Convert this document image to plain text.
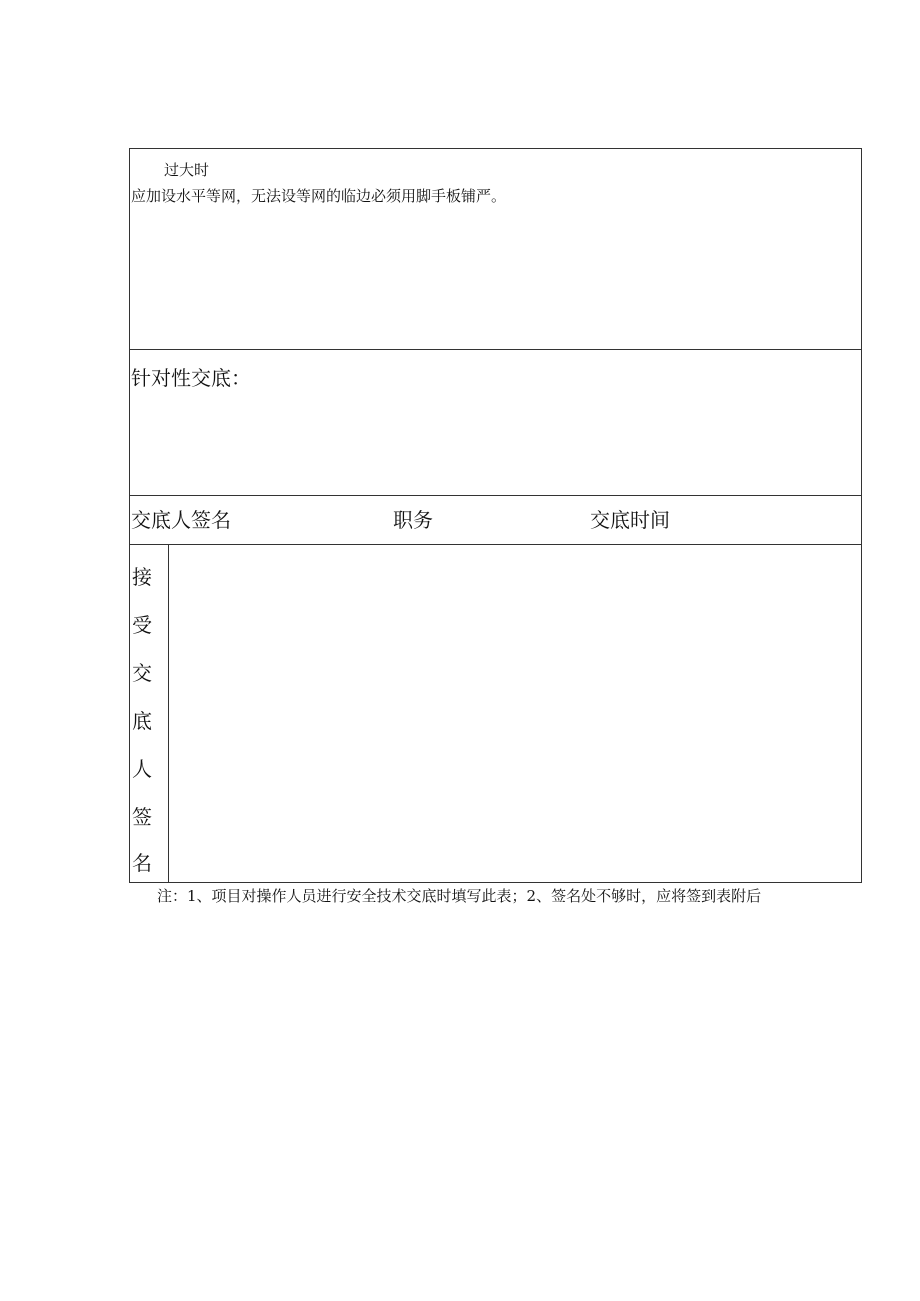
过大时
应加设水平等网，无法设等网的临边必须用脚手板铺严。
针对性交底：
交底人签名	职务	交底时间
接
受
交
底
人
签
名
注：1、项目对操作人员进行安全技术交底时填写此表；2、签名处不够时，应将签到表附后
